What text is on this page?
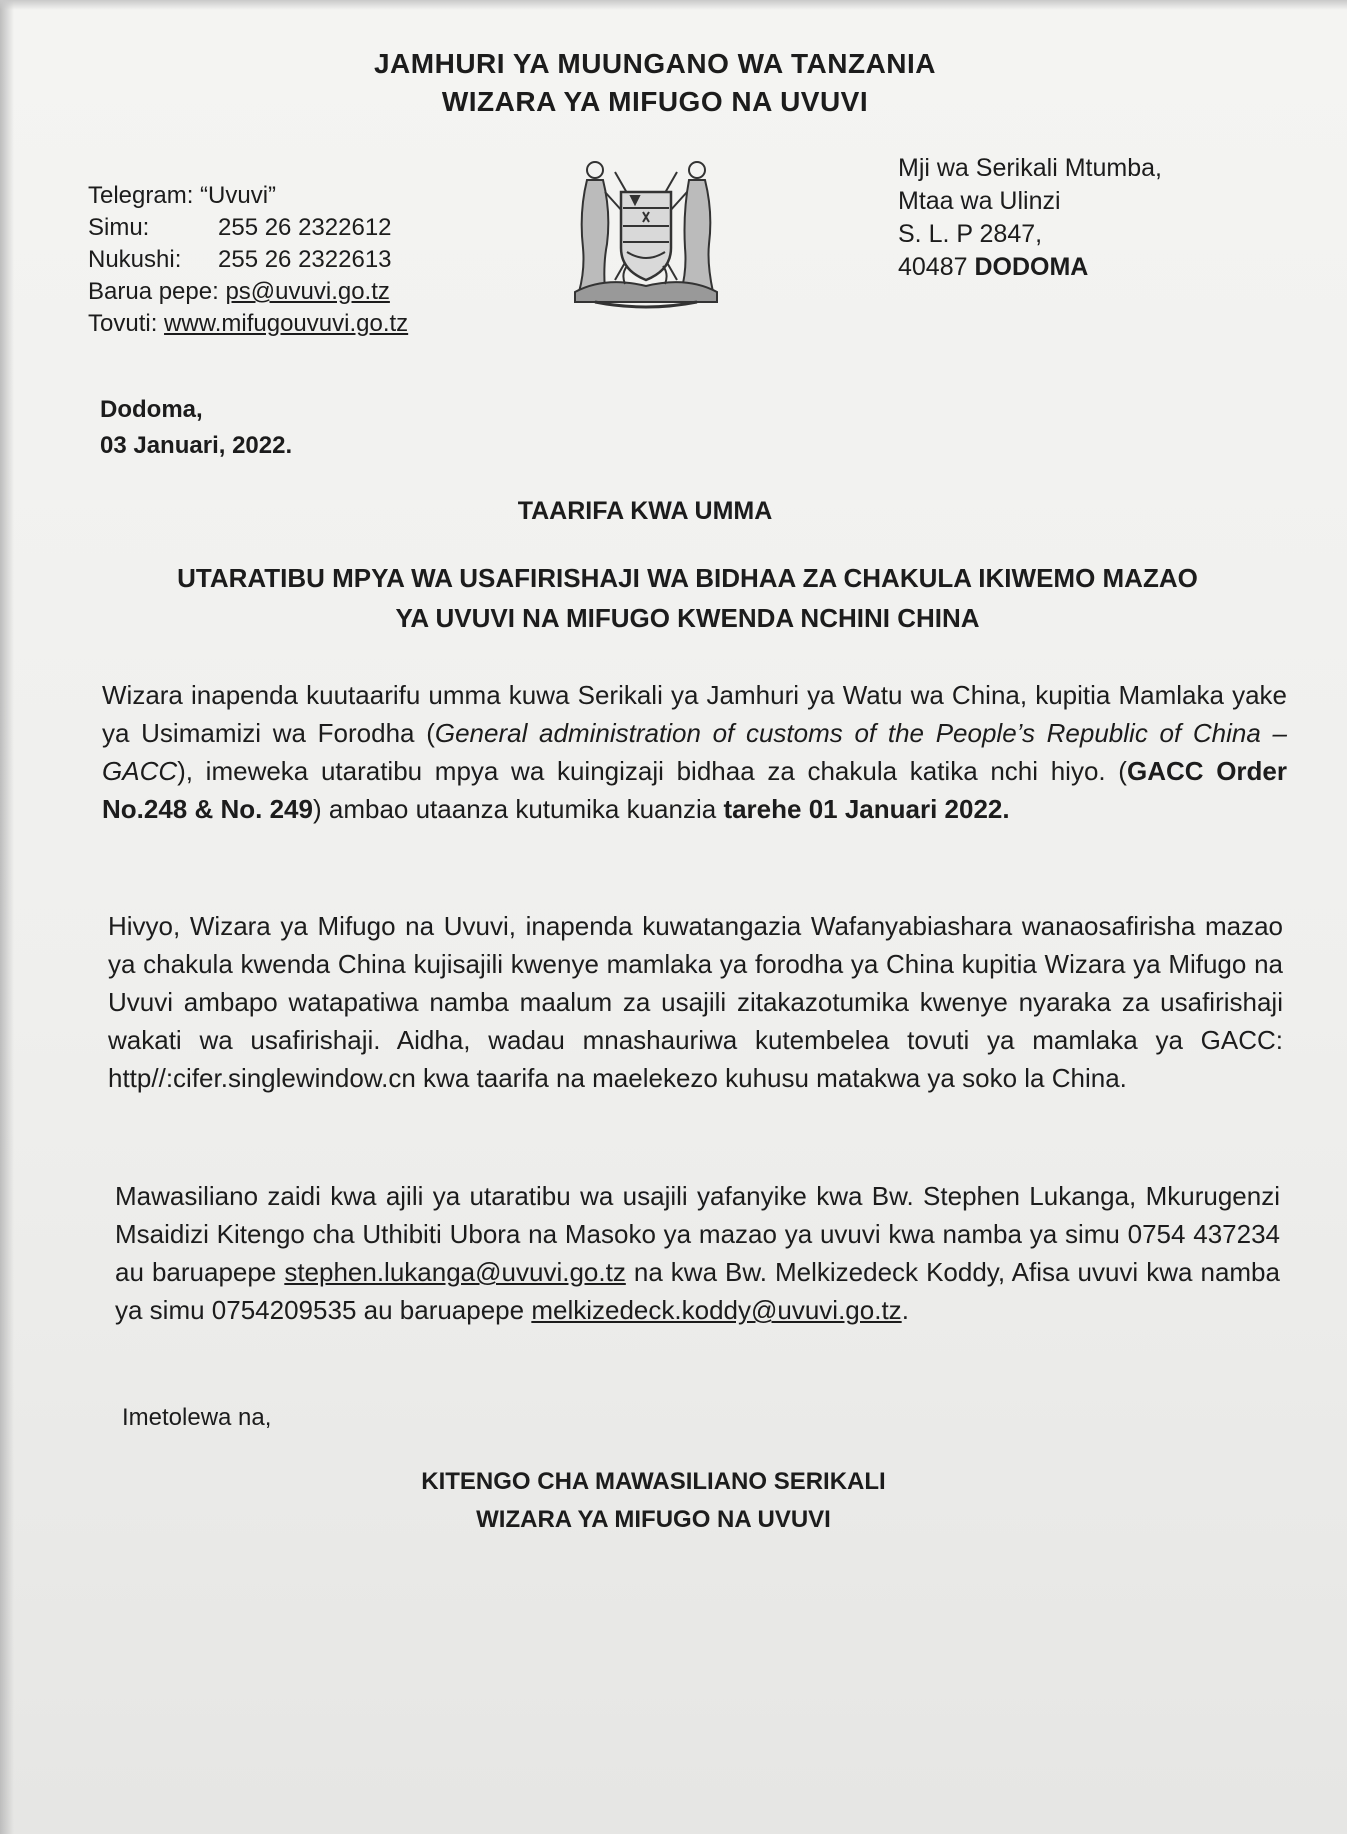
JAMHURI YA MUUNGANO WA TANZANIA
WIZARA YA MIFUGO NA UVUVI
Telegram:
“Uvuvi”
Simu:	255 26 2322612
Nukushi:	255 26 2322613
Barua pepe:
ps@uvuvi.go.tz
Tovuti:
www.mifugouvuvi.go.tz
Mji wa Serikali Mtumba,
Mtaa wa Ulinzi
S. L. P 2847,
40487 DODOMA
Dodoma,
03 Januari, 2022.
TAARIFA KWA UMMA
UTARATIBU MPYA WA USAFIRISHAJI WA BIDHAA ZA CHAKULA IKIWEMO MAZAO
YA UVUVI NA MIFUGO KWENDA NCHINI CHINA
Wizara inapenda kuutaarifu umma kuwa Serikali ya Jamhuri ya Watu wa China, kupitia Mamlaka yake ya Usimamizi wa Forodha (General administration of customs of the People’s Republic of China –GACC), imeweka utaratibu mpya wa kuingizaji bidhaa za chakula katika nchi hiyo. (GACC Order No.248 & No. 249) ambao utaanza kutumika kuanzia tarehe 01 Januari 2022.
Hivyo, Wizara ya Mifugo na Uvuvi, inapenda kuwatangazia Wafanyabiashara wanaosafirisha mazao ya chakula kwenda China kujisajili kwenye mamlaka ya forodha ya China kupitia Wizara ya Mifugo na Uvuvi ambapo watapatiwa namba maalum za usajili zitakazotumika kwenye nyaraka za usafirishaji wakati wa usafirishaji. Aidha, wadau mnashauriwa kutembelea tovuti ya mamlaka ya GACC: http//:cifer.singlewindow.cn kwa taarifa na maelekezo kuhusu matakwa ya soko la China.
Mawasiliano zaidi kwa ajili ya utaratibu wa usajili yafanyike kwa Bw. Stephen Lukanga, Mkurugenzi Msaidizi Kitengo cha Uthibiti Ubora na Masoko ya mazao ya uvuvi kwa namba ya simu 0754 437234 au baruapepe stephen.lukanga@uvuvi.go.tz na kwa Bw. Melkizedeck Koddy, Afisa uvuvi kwa namba ya simu 0754209535 au baruapepe melkizedeck.koddy@uvuvi.go.tz.
Imetolewa na,
KITENGO CHA MAWASILIANO SERIKALI
WIZARA YA MIFUGO NA UVUVI
